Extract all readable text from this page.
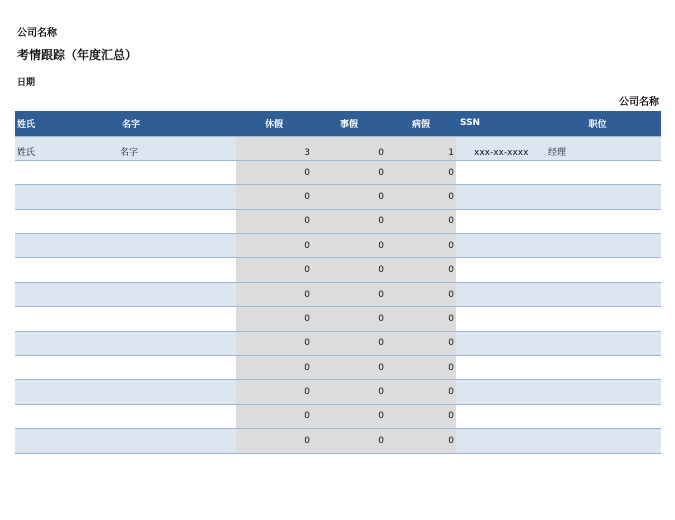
公司名称
考情跟踪（年度汇总）
日期
公司名称
姓氏	名字	休假	事假	病假	SSN	职位
姓氏	名字	3	0	1	xxx-xx-xxxx	经理
		0	0	0		
		0	0	0		
		0	0	0		
		0	0	0		
		0	0	0		
		0	0	0		
		0	0	0		
		0	0	0		
		0	0	0		
		0	0	0		
		0	0	0		
		0	0	0		
